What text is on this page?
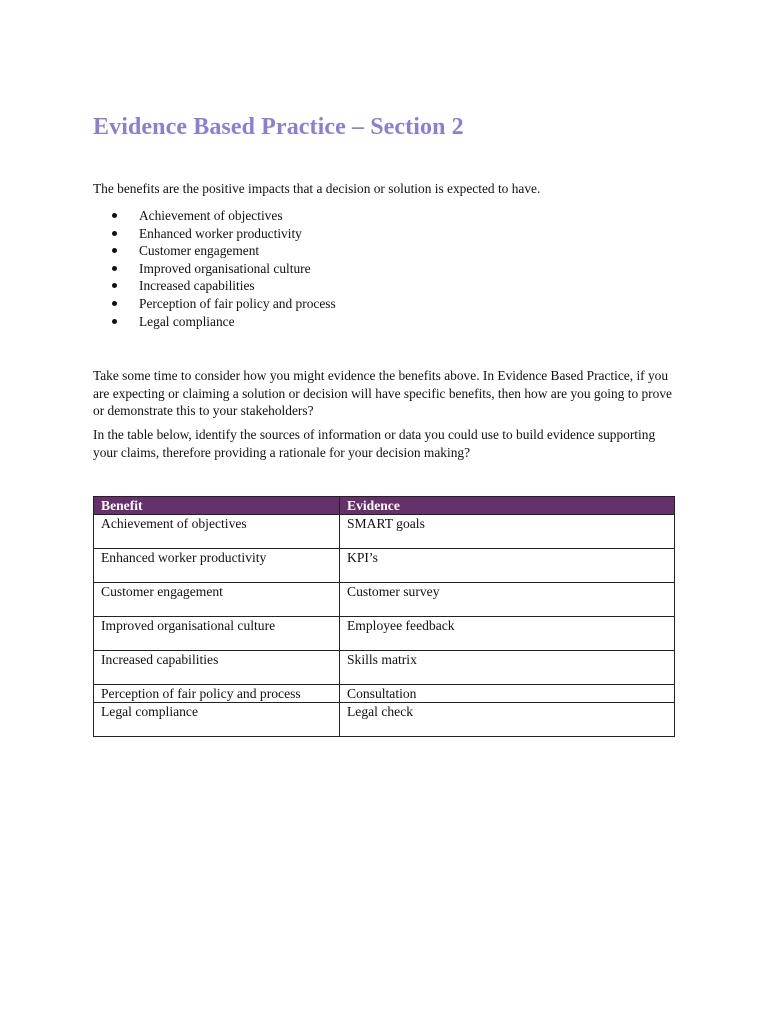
Evidence Based Practice – Section 2

The benefits are the positive impacts that a decision or solution is expected to have.

Achievement of objectives
Enhanced worker productivity
Customer engagement
Improved organisational culture
Increased capabilities
Perception of fair policy and process
Legal compliance

Take some time to consider how you might evidence the benefits above. In Evidence Based Practice, if you are expecting or claiming a solution or decision will have specific benefits, then how are you going to prove or demonstrate this to your stakeholders?

In the table below, identify the sources of information or data you could use to build evidence supporting your claims, therefore providing a rationale for your decision making?

Benefit	Evidence
Achievement of objectives	SMART goals
Enhanced worker productivity	KPI’s
Customer engagement	Customer survey
Improved organisational culture	Employee feedback
Increased capabilities	Skills matrix
Perception of fair policy and process	Consultation
Legal compliance	Legal check
